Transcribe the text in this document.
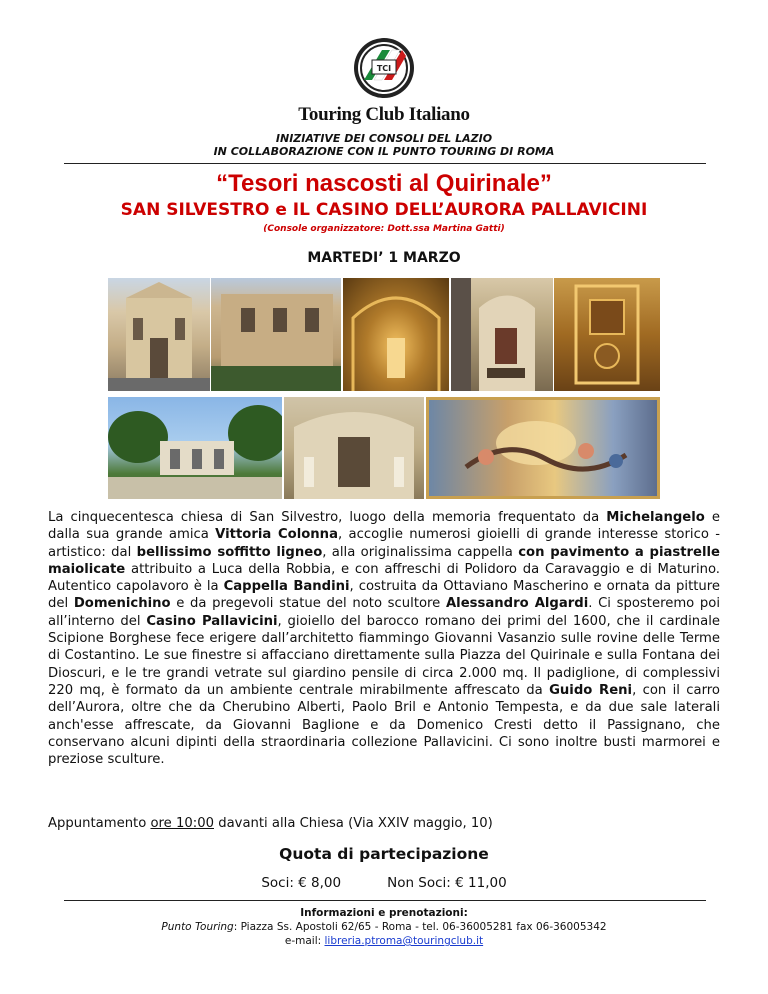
TCI
Touring Club Italiano
INIZIATIVE DEI CONSOLI DEL LAZIO
IN COLLABORAZIONE CON IL PUNTO TOURING DI ROMA
“Tesori nascosti al Quirinale”
SAN SILVESTRO e IL CASINO DELL’AURORA PALLAVICINI
(Console organizzatore: Dott.ssa Martina Gatti)
MARTEDI’ 1 MARZO
La cinquecentesca chiesa di San Silvestro, luogo della memoria frequentato da Michelangelo e dalla sua grande amica Vittoria Colonna, accoglie numerosi gioielli di grande interesse storico - artistico: dal bellissimo soffitto ligneo, alla originalissima cappella con pavimento a piastrelle maiolicate attribuito a Luca della Robbia, e con affreschi di Polidoro da Caravaggio e di Maturino. Autentico capolavoro è la Cappella Bandini, costruita da Ottaviano Mascherino e ornata da pitture del Domenichino e da pregevoli statue del noto scultore Alessandro Algardi. Ci sposteremo poi all’interno del Casino Pallavicini, gioiello del barocco romano dei primi del 1600, che il cardinale Scipione Borghese fece erigere dall’architetto fiammingo Giovanni Vasanzio sulle rovine delle Terme di Costantino. Le sue finestre si affacciano direttamente sulla Piazza del Quirinale e sulla Fontana dei Dioscuri, e le tre grandi vetrate sul giardino pensile di circa 2.000 mq. Il padiglione, di complessivi 220 mq, è formato da un ambiente centrale mirabilmente affrescato da Guido Reni, con il carro dell’Aurora, oltre che da Cherubino Alberti, Paolo Bril e Antonio Tempesta, e da due sale laterali anch'esse affrescate, da Giovanni Baglione e da Domenico Cresti detto il Passignano, che conservano alcuni dipinti della straordinaria collezione Pallavicini. Ci sono inoltre busti marmorei e preziose sculture.
Appuntamento ore 10:00 davanti alla Chiesa (Via XXIV maggio, 10)
Quota di partecipazione
Soci: € 8,00	Non Soci: € 11,00
Informazioni e prenotazioni:
Punto Touring: Piazza Ss. Apostoli 62/65 - Roma - tel. 06-36005281 fax 06-36005342
e-mail: libreria.ptroma@touringclub.it
